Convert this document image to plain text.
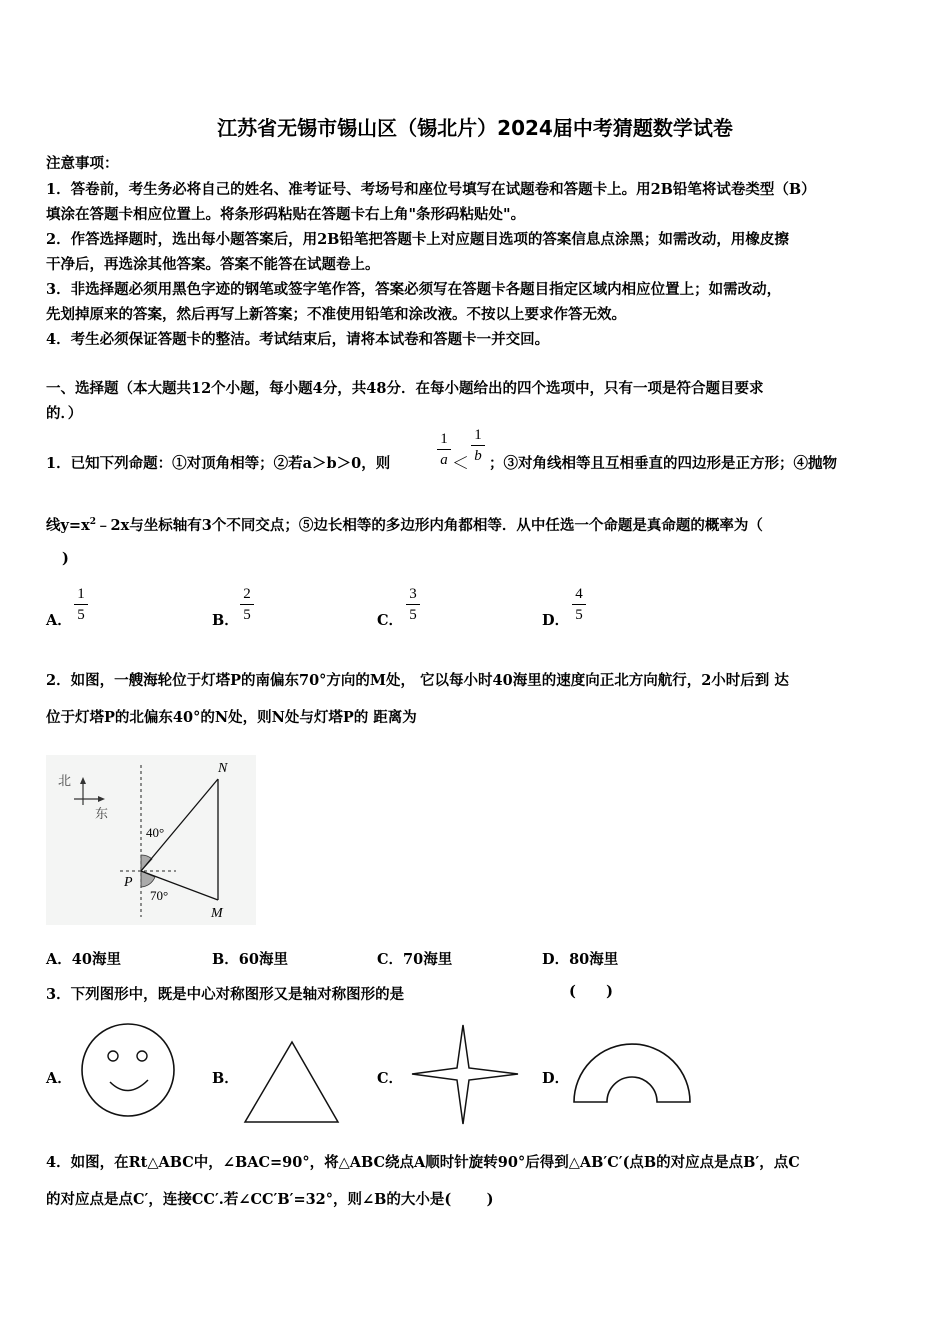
江苏省无锡市锡山区（锡北片）2024届中考猜题数学试卷
注意事项：
1．答卷前，考生务必将自己的姓名、准考证号、考场号和座位号填写在试题卷和答题卡上。用2B铅笔将试卷类型（B）
填涂在答题卡相应位置上。将条形码粘贴在答题卡右上角"条形码粘贴处"。
2．作答选择题时，选出每小题答案后，用2B铅笔把答题卡上对应题目选项的答案信息点涂黑；如需改动，用橡皮擦
干净后，再选涂其他答案。答案不能答在试题卷上。
3．非选择题必须用黑色字迹的钢笔或签字笔作答，答案必须写在答题卡各题目指定区域内相应位置上；如需改动，
先划掉原来的答案，然后再写上新答案；不准使用铅笔和涂改液。不按以上要求作答无效。
4．考生必须保证答题卡的整洁。考试结束后，请将本试卷和答题卡一并交回。
一、选择题（本大题共12个小题，每小题4分，共48分．在每小题给出的四个选项中，只有一项是符合题目要求
的．）
1．已知下列命题：①对顶角相等；②若a＞b＞0，则
1
a ＜
1
b ；③对角线相等且互相垂直的四边形是正方形；④抛物
线$y=x^2﹣2x$与坐标轴有3个不同交点；⑤边长相等的多边形内角都相等．从中任选一个命题是真命题的概率为（
)
A．
1
5	B．
2
5	C．
3
5	D．
4
5
2．如图，一艘海轮位于灯塔P的南偏东70°方向的M处， 它以每小时40海里的速度向正北方向航行，2小时后到 达
位于灯塔P的北偏东40°的N处，则N处与灯塔P的 距离为
北
东
N
P
M
40°
70°
A．40海里	B．60海里	C．70海里	D．80海里
3．下列图形中，既是中心对称图形又是轴对称图形的是	(      )
A．	B．	C．	D．
4．如图，在Rt△ABC中，∠BAC=90°，将△ABC绕点A顺时针旋转90°后得到△AB′C′(点B的对应点是点B′，点C
的对应点是点C′，连接CC′.若∠CC′B′=32°，则∠B的大小是(       )
